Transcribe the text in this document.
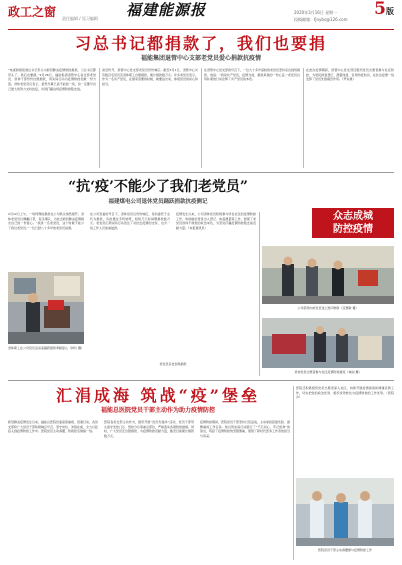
政工之窗 责任编辑 / 见习编辑 福建能源报	2020年3月16日 星期一
投稿邮箱：fjnybs@126.com
5版
习总书记都捐款了，我们也要捐
福能集团退管中心支部老党员爱心捐款抗疫情
“电视新闻报道总书记带头为新冠肺炎疫情防控捐款，习总书记都带头了，我们也要捐。”2月26日，福能集团退管中心各支部老党员、退休干部纷纷自愿捐款，用实际行动为疫情防控贡献一份力量。退休老党员们表示，虽然年事已高不能到一线，但一定要尽自己最大的努力支持抗疫，共同打赢这场疫情防控阻击战。
消息传开，退管中心党支部老党员纷纷响应。截至3月1日，退管中心共有数百名党员及退休职工自愿捐款，累计捐款数万元。许多老党员表示，作为一名共产党员，在国家需要的时候，就要站出来，体现党员的初心和担当。
在退管中心党支部的号召下，一位九十多岁高龄的老党员坚持亲自到场捐款，他说：“我是共产党员，疫情当前，捐款是我的一份心意。”老党员们用朴素的行动诠释了共产党员的本色。
在此次疫情期间，退管中心党支部还组织党员志愿者参与社区防控，为居民排查登记、测量体温、宣传防疫知识，在抗击疫情一线发挥了党员先锋模范作用。（罗东晨）
众志成城
防控疫情
“抗‘疫’不能少了我们老党员”
福建煤电公司退休党员踊跃捐款抗疫侧记
2月12日上午，一场特殊的捐款在公司机关悄然展开。退休老党员们佩戴口罩，有序排队，为抗击新冠肺炎疫情捐出自己的一份爱心。“我是一名老党员，这个时候不能少了我们老党员。”一位已经八十多岁的老党员说道。
在公司党委的号召下，退休党员们纷纷响应，有的委托子女代为捐款，有的通过手机转账，短短几天时间便捐款数万元。老党员们用实际行动表达了对抗击疫情的支持，也为一线工作人员加油鼓劲。
疫情发生以来，公司退休党员积极参与所在社区的疫情防控工作，协助做好居民出入登记、体温测量等工作，展现了老党员退休不褪色的政治本色，为坚决打赢疫情防控阻击战贡献力量。（本报通讯员）
退休职工在公司党员活动室踊跃捐款奉献爱心（钟玲 摄）
公司领导向老党员送上慰问物资（张慧敏 摄）
退休党员志愿者参与社区疫情防控值班（林丽 摄）
老党员亲自到场捐款
汇涓成海 筑战“疫”堡垒
福能总医院党员干部主动作为助力疫情防控
新冠肺炎疫情发生以来，福能总医院党委高度重视、迅速行动，各党支部和广大党员干部积极响应号召，坚守岗位、冲锋在前，全力以赴投入到疫情防控工作中。医院党员主动请缨，积极报名驰援一线。
医院各党支部主动作为，组织开展“党员先锋岗”活动，党员干部带头值守发热门诊、预检分诊等重点部位，严格落实各项防控措施。同时，广大党员还自愿捐款，为疫情防控贡献力量，截至目前累计捐款数万元。
疫情防控期间，医院党员干部坚持日夜奋战，主动承担起最危险、最繁重的工作任务。他们用实际行动践行了“不忘初心、牢记使命”的誓言，筑起了疫情防控的坚强堡垒，展现了新时代医务工作者的担当与风采。
医院还积极组织党员志愿者深入社区，协助开展疫情排查和健康宣教工作，切实把党的政治优势、组织优势转化为疫情防控的工作优势。（医院办）
医院党员干部主动请缨参与疫情防控工作
